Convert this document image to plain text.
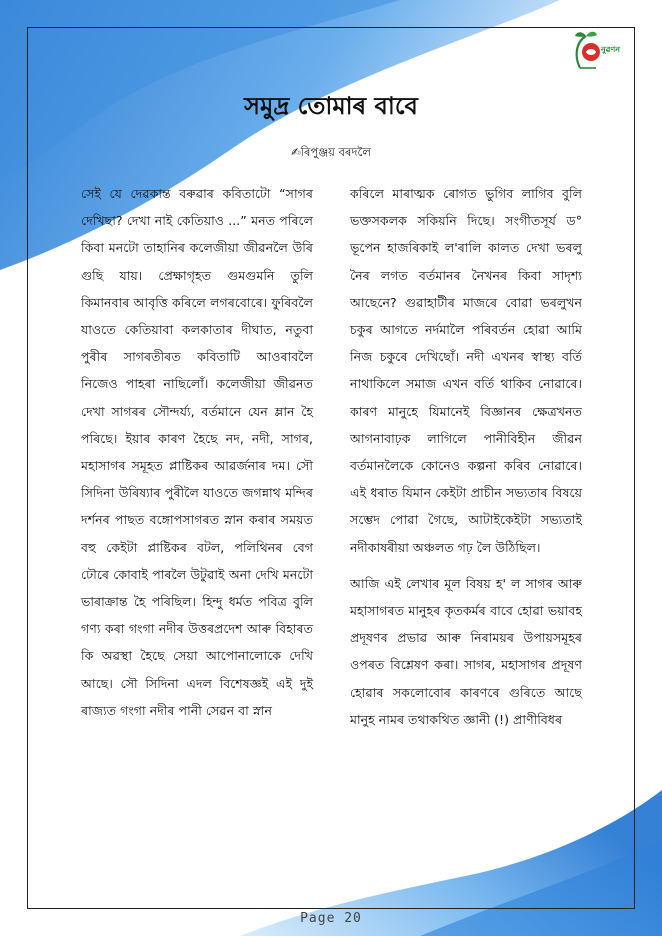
নুৱণন
সমুদ্ৰ তোমাৰ বাবে
✍ৰিপুঞ্জয় বৰদলৈ

সেই যে দেৱকান্ত বৰুৱাৰ কবিতাটো “সাগৰ দেখিছা? দেখা নাই কেতিয়াও ...” মনত পৰিলে কিবা মনটো তাহানিৰ কলেজীয়া জীৱনলৈ উৰি গুছি যায়। প্ৰেক্ষাগৃহত গুমগুমনি তুলি কিমানবাৰ আবৃত্তি কৰিলে লগৰবোৰে। ফুৰিবলৈ যাওতে কেতিয়াবা কলকাতাৰ দীঘাত, নতুবা পুৰীৰ সাগৰতীৰত কবিতাটি আওৰাবলৈ নিজেও পাহৰা নাছিলোঁ। কলেজীয়া জীৱনত দেখা সাগৰৰ সৌন্দৰ্য্য, বৰ্তমানে যেন ম্লান হৈ পৰিছে। ইয়াৰ কাৰণ হৈছে নদ, নদী, সাগৰ, মহাসাগৰ সমূহত প্লাষ্টিকৰ আৱৰ্জনাৰ দম। সৌ সিদিনা উৰিষ্যাৰ পুৰীলৈ যাওতে জগন্নাথ মন্দিৰ দৰ্শনৰ পাছত বঙ্গোপসাগৰত স্নান কৰাৰ সময়ত বহু কেইটা প্লাষ্টিকৰ বটল, পলিথিনৰ বেগ ঢৌৰে কোবাই পাৰলৈ উটুৱাই অনা দেখি মনটো ভাৰাক্ৰান্ত হৈ পৰিছিল। হিন্দু ধৰ্মত পবিত্ৰ বুলি গণ্য কৰা গংগা নদীৰ উত্তৰপ্ৰদেশ আৰু বিহাৰত কি অৱস্থা হৈছে সেয়া আপোনালোকে দেখি আছে। সৌ সিদিনা এদল বিশেষজ্ঞই এই দুই ৰাজ্যত গংগা নদীৰ পানী সেৱন বা স্নান

কৰিলে মাৰাত্মক ৰোগত ভুগিব লাগিব বুলি ভক্তসকলক সকিয়নি দিছে। সংগীতসূৰ্য ড° ভূপেন হাজৰিকাই ল'ৰালি কালত দেখা ভৰলু নৈৰ লগত বৰ্তমানৰ নৈখনৰ কিবা সাদৃশ্য আছেনে? গুৱাহাটীৰ মাজৰে বোৱা ভৰলুখন চকুৰ আগতে নৰ্দমালৈ পৰিবৰ্তন হোৱা আমি নিজ চকুৰে দেখিছোঁ। নদী এখনৰ স্বাস্থ্য বৰ্তি নাথাকিলে সমাজ এখন বৰ্তি থাকিব নোৱাৰে। কাৰণ মানুহে যিমানেই বিজ্ঞানৰ ক্ষেত্ৰখনত আগনাবাঢ়ক লাগিলে পানীবিহীন জীৱন বৰ্তমানলৈকে কোনেও কল্পনা কৰিব নোৱাৰে। এই ধৰাত যিমান কেইটা প্ৰাচীন সভ্যতাৰ বিষয়ে সম্ভেদ পোৱা গৈছে, আটাইকেইটা সভ্যতাই নদীকাষৰীয়া অঞ্চলত গঢ় লৈ উঠিছিল।

আজি এই লেখাৰ মূল বিষয় হ' ল সাগৰ আৰু মহাসাগৰত মানুহৰ কৃতকৰ্মৰ বাবে হোৱা ভয়াবহ প্ৰদূষণৰ প্ৰভাৱ আৰু নিৰাময়ৰ উপায়সমূহৰ ওপৰত বিশ্লেষণ কৰা। সাগৰ, মহাসাগৰ প্ৰদূষণ হোৱাৰ সকলোবোৰ কাৰণৰে গুৰিতে আছে মানুহ নামৰ তথাকথিত জ্ঞানী (!) প্ৰাণীবিধৰ

Page 20
